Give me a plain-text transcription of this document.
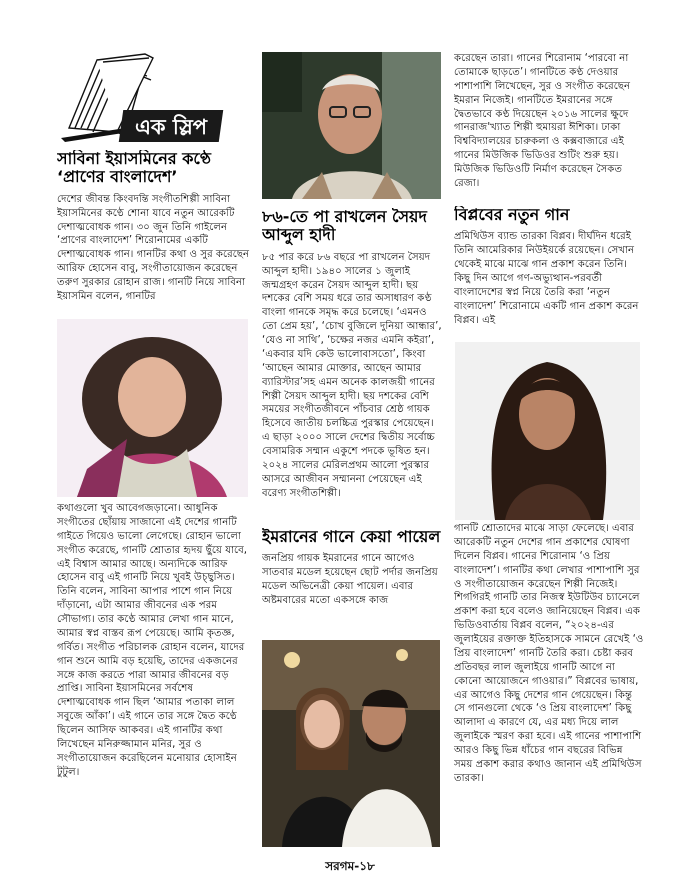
এক স্লিপ
সাবিনা ইয়াসমিনের কণ্ঠে ‘প্রাণের বাংলাদেশ’
দেশের জীবন্ত কিংবদন্তি সংগীতশিল্পী সাবিনা ইয়াসমিনের কণ্ঠে শোনা যাবে নতুন আরেকটি দেশাত্মবোধক গান। ৩০ জুন তিনি গাইলেন ‘প্রাণের বাংলাদেশ’ শিরোনামের একটি দেশাত্মবোধক গান। গানটির কথা ও সুর করেছেন আরিফ হোসেন বাবু, সংগীতায়োজন করেছেন তরুণ সুরকার রোহান রাজ। গানটি নিয়ে সাবিনা ইয়াসমিন বলেন, গানটির
কথাগুলো খুব আবেগজড়ানো। আধুনিক সংগীতের ছোঁয়ায় সাজানো এই দেশের গানটি গাইতে গিয়েও ভালো লেগেছে। রোহান ভালো সংগীত করেছে, গানটি শ্রোতার হৃদয় ছুঁয়ে যাবে, এই বিশ্বাস আমার আছে। অন্যদিকে আরিফ হোসেন বাবু এই গানটি নিয়ে খুবই উচ্ছ্বসিত। তিনি বলেন, সাবিনা আপার পাশে গান নিয়ে দাঁড়ানো, এটা আমার জীবনের এক পরম সৌভাগ্য। তার কণ্ঠে আমার লেখা গান মানে, আমার স্বপ্ন বাস্তব রূপ পেয়েছে। আমি কৃতজ্ঞ, গর্বিত। সংগীত পরিচালক রোহান বলেন, যাদের গান শুনে আমি বড় হয়েছি, তাদের একজনের সঙ্গে কাজ করতে পারা আমার জীবনের বড় প্রাপ্তি। সাবিনা ইয়াসমিনের সর্বশেষ দেশাত্মবোধক গান ছিল ‘আমার পতাকা লাল সবুজে আঁকা’। এই গানে তার সঙ্গে দ্বৈত কণ্ঠে ছিলেন আসিফ আকবর। এই গানটির কথা লিখেছেন মনিরুজ্জামান মনির, সুর ও সংগীতায়োজন করেছিলেন মনোয়ার হোসাইন টুটুল।
৮৬-তে পা রাখলেন সৈয়দ আব্দুল হাদী
৮৫ পার করে ৮৬ বছরে পা রাখলেন সৈয়দ আব্দুল হাদী। ১৯৪০ সালের ১ জুলাই জন্মগ্রহণ করেন সৈয়দ আব্দুল হাদী। ছয় দশকের বেশি সময় ধরে তার অসাধারণ কণ্ঠ বাংলা গানকে সমৃদ্ধ করে চলেছে। ‘এমনও তো প্রেম হয়’, ‘চোখ বুজিলে দুনিয়া আন্ধার’, ‘যেও না সাথি’, ‘চক্ষের নজর এমনি কইরা’, ‘একবার যদি কেউ ভালোবাসতো’, কিংবা ‘আছেন আমার মোক্তার, আছেন আমার ব্যারিস্টার’সহ এমন অনেক কালজয়ী গানের শিল্পী সৈয়দ আব্দুল হাদী। ছয় দশকের বেশি সময়ের সংগীতজীবনে পাঁচবার শ্রেষ্ঠ গায়ক হিসেবে জাতীয় চলচ্চিত্র পুরস্কার পেয়েছেন। এ ছাড়া ২০০০ সালে দেশের দ্বিতীয় সর্বোচ্চ বেসামরিক সম্মান একুশে পদকে ভূষিত হন। ২০২৪ সালের মেরিলপ্রথম আলো পুরস্কার আসরে আজীবন সম্মাননা পেয়েছেন এই বরেণ্য সংগীতশিল্পী।
ইমরানের গানে কেয়া পায়েল
জনপ্রিয় গায়ক ইমরানের গানে আগেও সাতবার মডেল হয়েছেন ছোট পর্দার জনপ্রিয় মডেল অভিনেত্রী কেয়া পায়েল। এবার অষ্টমবারের মতো একসঙ্গে কাজ
করেছেন তারা। গানের শিরোনাম ‘পারবো না তোমাকে ছাড়তে’। গানটিতে কণ্ঠ দেওয়ার পাশাপাশি লিখেছেন, সুর ও সংগীত করেছেন ইমরান নিজেই। গানটিতে ইমরানের সঙ্গে দ্বৈতভাবে কণ্ঠ দিয়েছেন ২০১৬ সালের ক্ষুদে গানরাজ'খ্যাত শিল্পী হুমায়রা ঈশিকা। ঢাকা বিশ্ববিদ্যালয়ের চারুকলা ও কক্সবাজারে এই গানের মিউজিক ভিডিওর শুটিং শুরু হয়। মিউজিক ভিডিওটি নির্মাণ করেছেন সৈকত রেজা।
বিপ্লবের নতুন গান
প্রমিথিউস ব্যান্ড তারকা বিপ্লব। দীর্ঘদিন ধরেই তিনি আমেরিকার নিউইয়র্কে রয়েছেন। সেখান থেকেই মাঝে মাঝে গান প্রকাশ করেন তিনি। কিছু দিন আগে গণ-অভ্যুত্থান-পরবর্তী বাংলাদেশের স্বপ্ন নিয়ে তৈরি করা ‘নতুন বাংলাদেশ’ শিরোনামে একটি গান প্রকাশ করেন বিপ্লব। এই
গানটি শ্রোতাদের মাঝে সাড়া ফেলেছে। এবার আরেকটি নতুন দেশের গান প্রকাশের ঘোষণা দিলেন বিপ্লব। গানের শিরোনাম ‘ও প্রিয় বাংলাদেশ’। গানটির কথা লেখার পাশাপাশি সুর ও সংগীতায়োজন করেছেন শিল্পী নিজেই। শিগগিরই গানটি তার নিজস্ব ইউটিউব চ্যানেলে প্রকাশ করা হবে বলেও জানিয়েছেন বিপ্লব। এক ভিডিওবার্তায় বিপ্লব বলেন, “২০২৪-এর জুলাইয়ের রক্তাক্ত ইতিহাসকে সামনে রেখেই ‘ও প্রিয় বাংলাদেশ’ গানটি তৈরি করা। চেষ্টা করব প্রতিবছর লাল জুলাইয়ে গানটি আগে না কোনো আয়োজনে গাওয়ার।” বিপ্লবের ভাষায়, এর আগেও কিছু দেশের গান গেয়েছেন। কিন্তু সে গানগুলো থেকে ‘ও প্রিয় বাংলাদেশ’ কিছু আলাদা এ কারণে যে, এর মধ্য দিয়ে লাল জুলাইকে স্মরণ করা হবে। এই গানের পাশাপাশি আরও কিছু ভিন্ন ধাঁচের গান বছরের বিভিন্ন সময় প্রকাশ করার কথাও জানান এই প্রমিথিউস তারকা।
সরগম-১৮
